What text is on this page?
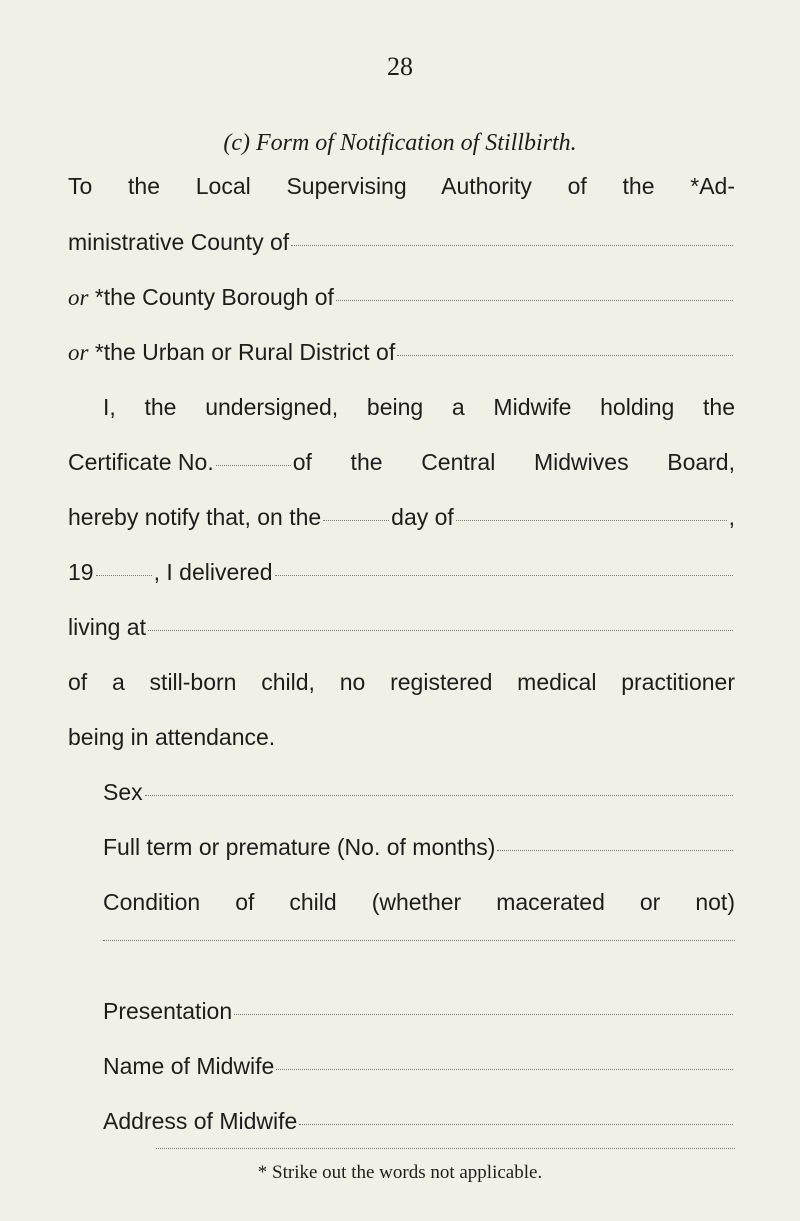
28
(c) Form of Notification of Stillbirth.
To the Local Supervising Authority of the *Ad-
ministrative County of
or
*the County Borough of
or
*the Urban or Rural District of
I, the undersigned, being a Midwife holding the
Certificate No.	of the Central Midwives Board,
hereby notify that, on the	day of	,
19	, I delivered
living at
of a still-born child, no registered medical practitioner
being in attendance.
Sex
Full term or premature (No. of months)
Condition of child (whether macerated or not)
Presentation
Name of Midwife
Address of Midwife
* Strike out the words not applicable.
